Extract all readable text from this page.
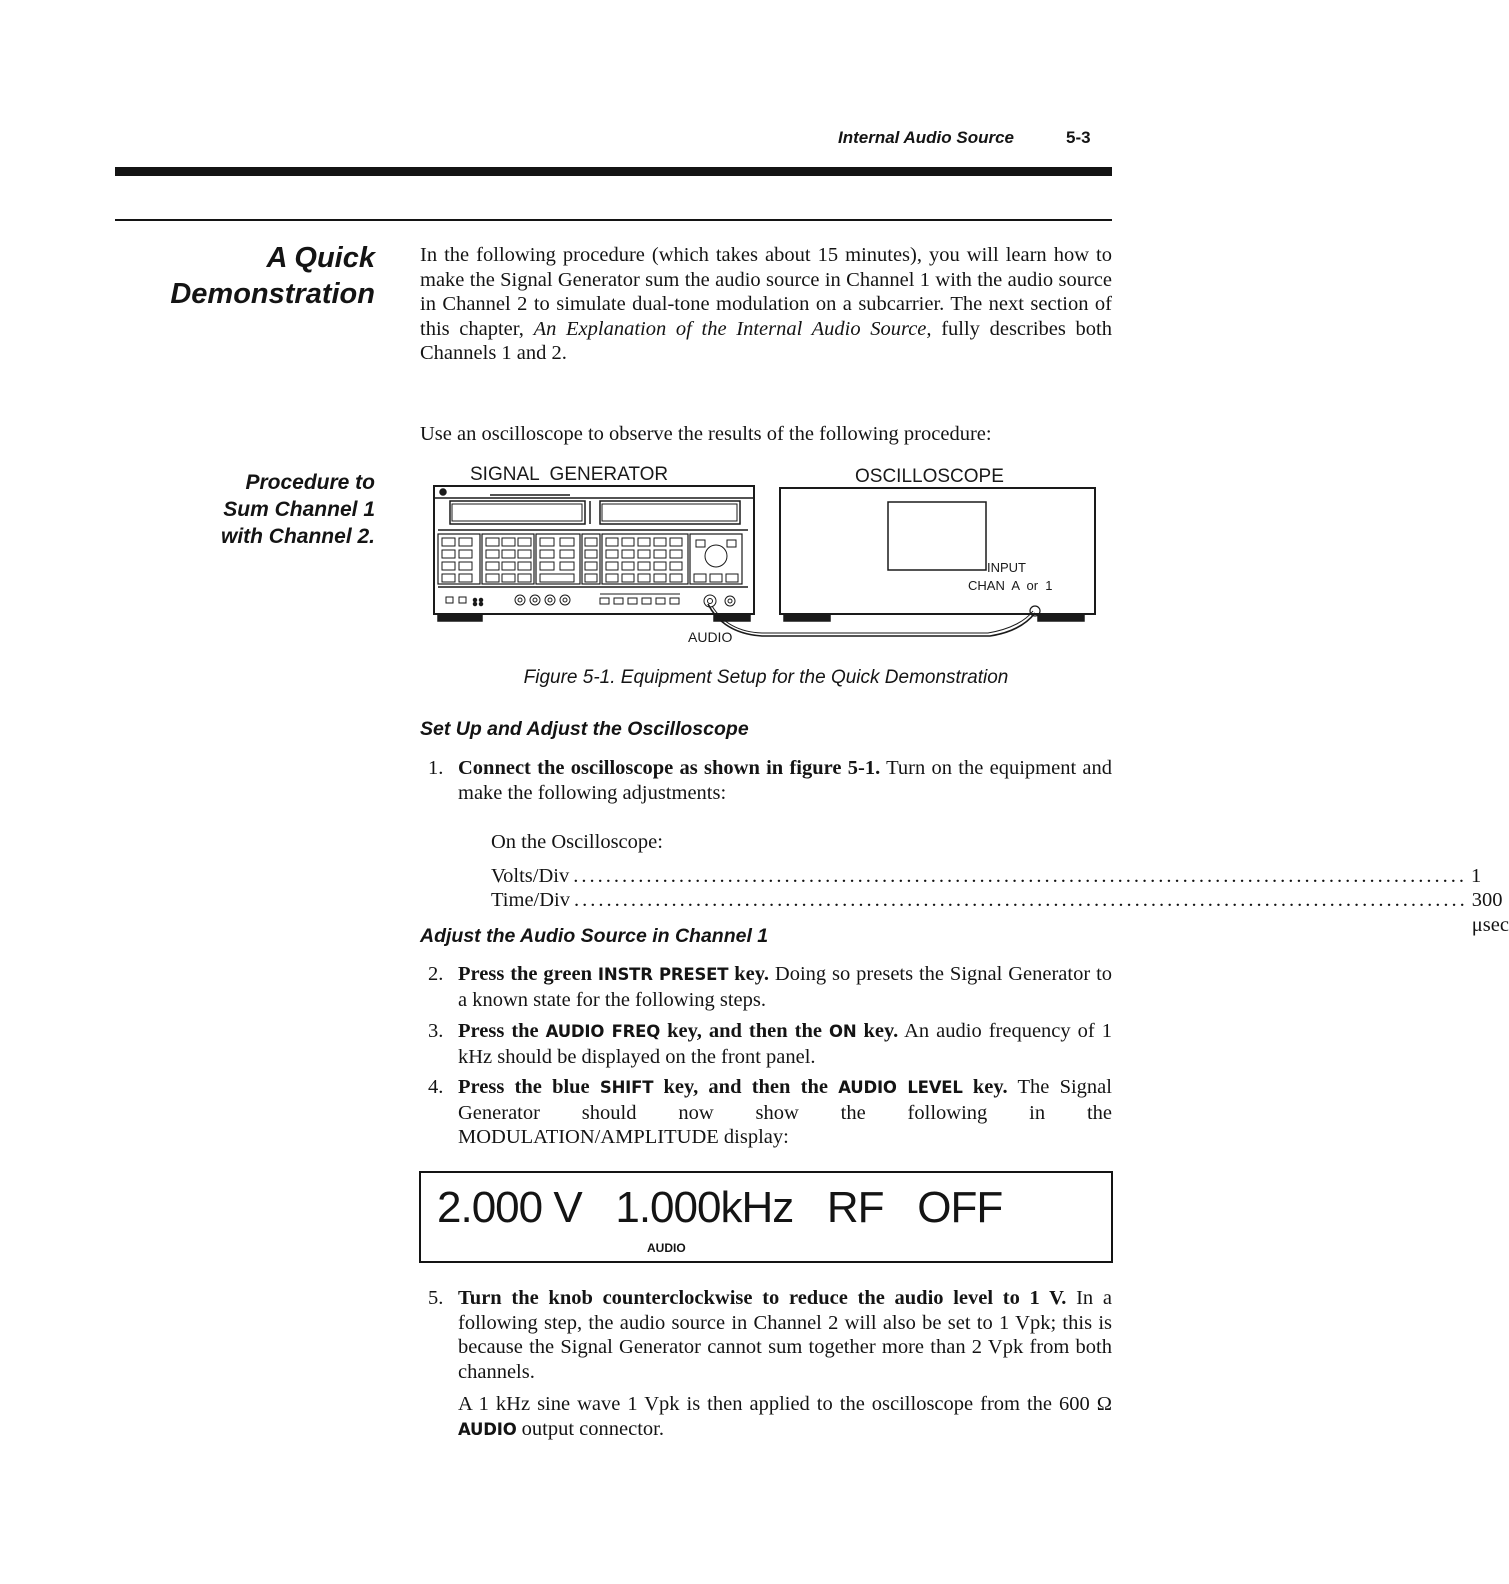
Internal Audio Source	5-3
A Quick
Demonstration
Procedure to
Sum Channel 1
with Channel 2.
In the following procedure (which takes about 15 minutes), you will learn how to make the Signal Generator sum the audio source in Channel 1 with the audio source in Channel 2 to simulate dual-tone modulation on a subcarrier. The next section of this chapter, An Explanation of the Internal Audio Source, fully describes both Channels 1 and 2.
Use an oscilloscope to observe the results of the following procedure:
SIGNAL  GENERATOR	OSCILLOSCOPE
INPUT
CHAN  A  or  1
AUDIO
Figure 5-1. Equipment Setup for the Quick Demonstration
Set Up and Adjust the Oscilloscope
1. Connect the oscilloscope as shown in figure 5-1. Turn on the equipment and make the following adjustments:
On the Oscilloscope:
Volts/Div .............................................................................................................. 1
Time/Div .............................................................................................................. 300 μsec
Adjust the Audio Source in Channel 1
2. Press the green INSTR PRESET key. Doing so presets the Signal Generator to a known state for the following steps.
3. Press the AUDIO FREQ key, and then the ON key. An audio frequency of 1 kHz should be displayed on the front panel.
4. Press the blue SHIFT key, and then the AUDIO LEVEL key. The Signal Generator should now show the following in the MODULATION/AMPLITUDE display:
2.000 V   1.000kHz   RF   OFF
AUDIO
5. Turn the knob counterclockwise to reduce the audio level to 1 V. In a following step, the audio source in Channel 2 will also be set to 1 Vpk; this is because the Signal Generator cannot sum together more than 2 Vpk from both channels.
A 1 kHz sine wave 1 Vpk is then applied to the oscilloscope from the 600 Ω AUDIO output connector.
